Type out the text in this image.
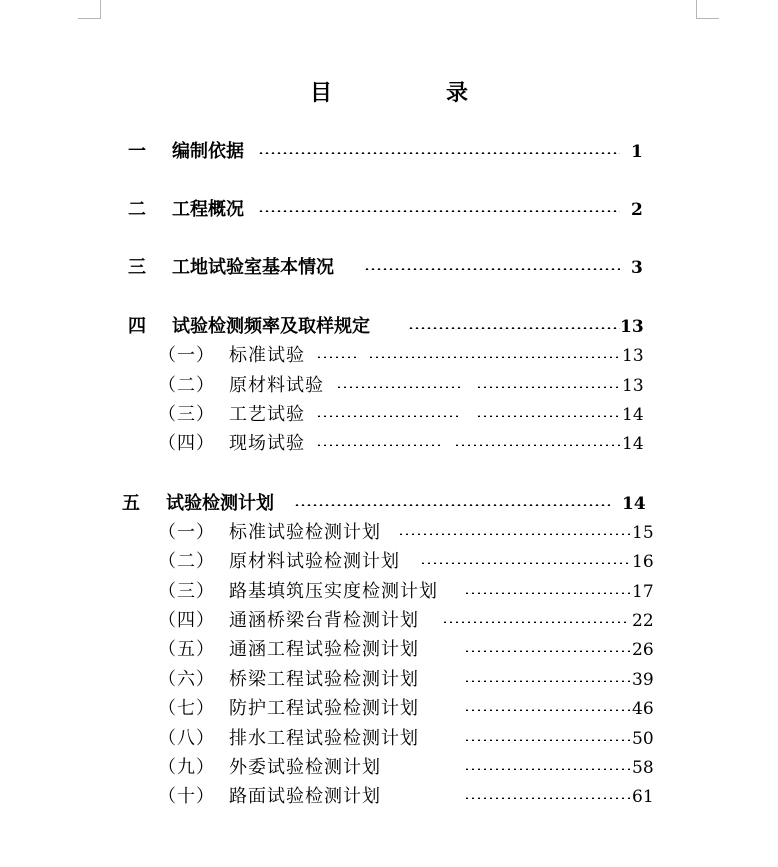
目　录
一 编制依据	1
二 工程概况	2
三 工地试验室基本情况	3
四 试验检测频率及取样规定	13
（一） 标准试验	13
（二） 原材料试验	13
（三） 工艺试验	14
（四） 现场试验	14
五 试验检测计划	14
（一） 标准试验检测计划	15
（二） 原材料试验检测计划	16
（三） 路基填筑压实度检测计划	17
（四） 通涵桥梁台背检测计划	22
（五） 通涵工程试验检测计划	26
（六） 桥梁工程试验检测计划	39
（七） 防护工程试验检测计划	46
（八） 排水工程试验检测计划	50
（九） 外委试验检测计划	58
（十） 路面试验检测计划	61
